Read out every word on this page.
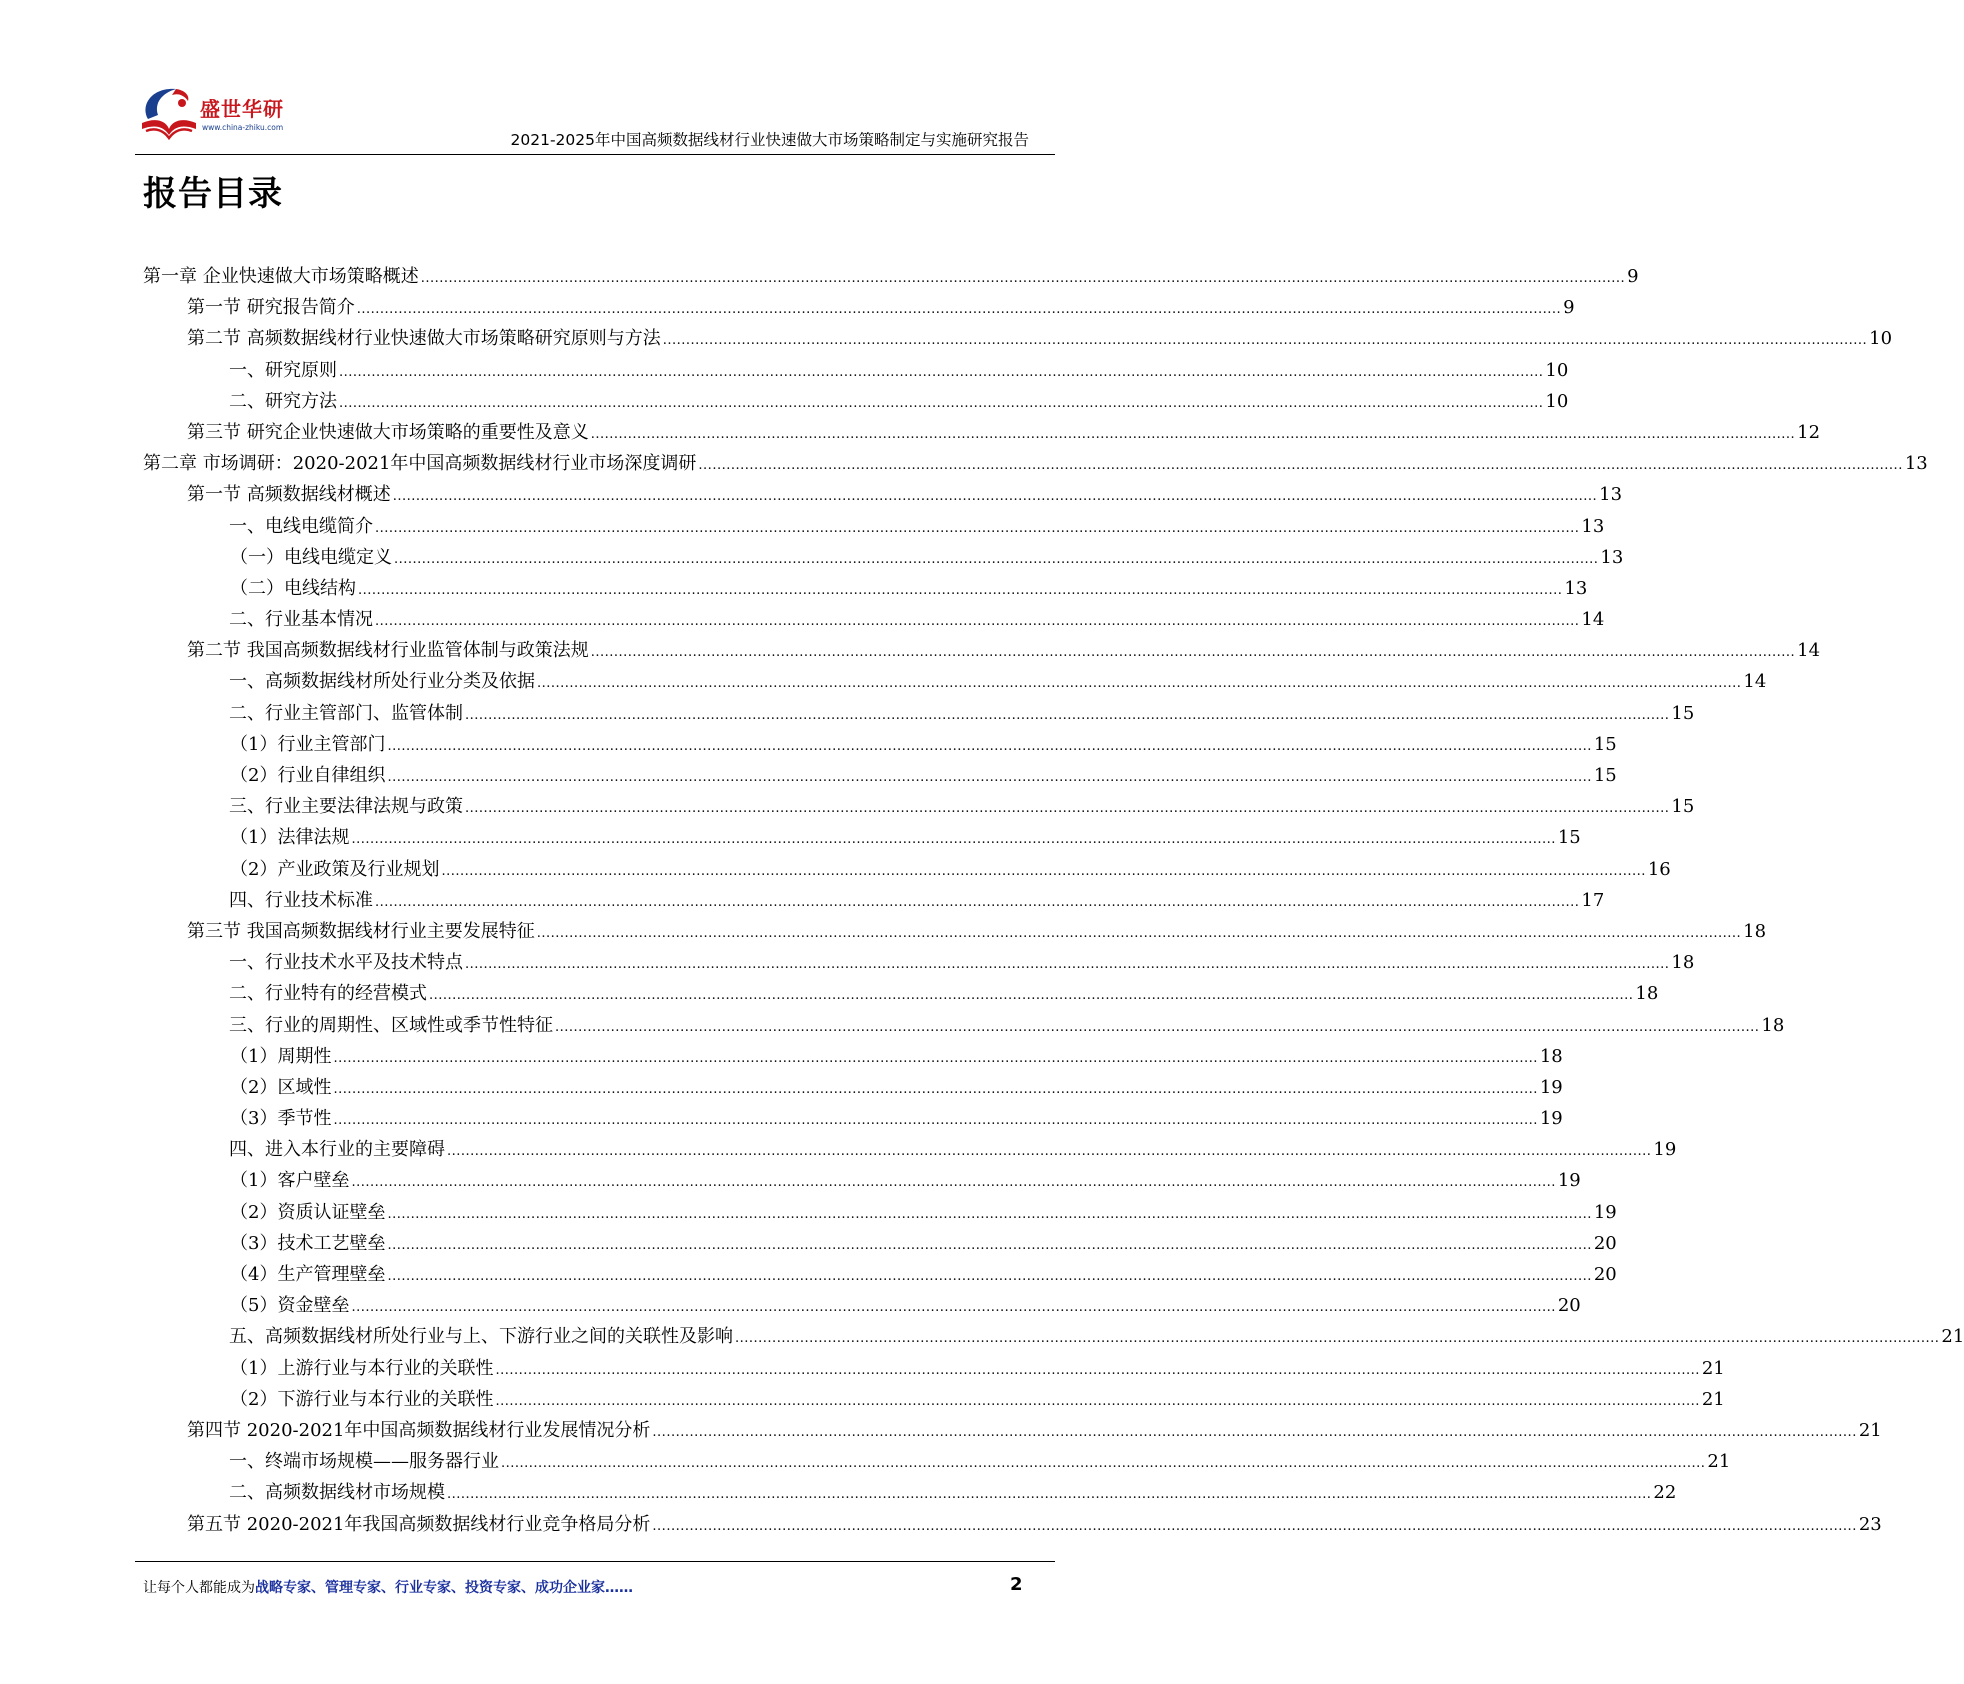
盛世华研
www.china-zhiku.com
2021-2025年中国高频数据线材行业快速做大市场策略制定与实施研究报告
报告目录
第一章 企业快速做大市场策略概述 .................................................................................................................................................................................................................................................................... 9
第一节 研究报告简介 .................................................................................................................................................................................................................................................................... 9
第二节 高频数据线材行业快速做大市场策略研究原则与方法 .................................................................................................................................................................................................................................................................... 10
一、研究原则 .................................................................................................................................................................................................................................................................... 10
二、研究方法 .................................................................................................................................................................................................................................................................... 10
第三节 研究企业快速做大市场策略的重要性及意义 .................................................................................................................................................................................................................................................................... 12
第二章 市场调研：2020-2021年中国高频数据线材行业市场深度调研 .................................................................................................................................................................................................................................................................... 13
第一节 高频数据线材概述 .................................................................................................................................................................................................................................................................... 13
一、电线电缆简介 .................................................................................................................................................................................................................................................................... 13
（一）电线电缆定义 .................................................................................................................................................................................................................................................................... 13
（二）电线结构 .................................................................................................................................................................................................................................................................... 13
二、行业基本情况 .................................................................................................................................................................................................................................................................... 14
第二节 我国高频数据线材行业监管体制与政策法规 .................................................................................................................................................................................................................................................................... 14
一、高频数据线材所处行业分类及依据 .................................................................................................................................................................................................................................................................... 14
二、行业主管部门、监管体制 .................................................................................................................................................................................................................................................................... 15
（1）行业主管部门 .................................................................................................................................................................................................................................................................... 15
（2）行业自律组织 .................................................................................................................................................................................................................................................................... 15
三、行业主要法律法规与政策 .................................................................................................................................................................................................................................................................... 15
（1）法律法规 .................................................................................................................................................................................................................................................................... 15
（2）产业政策及行业规划 .................................................................................................................................................................................................................................................................... 16
四、行业技术标准 .................................................................................................................................................................................................................................................................... 17
第三节 我国高频数据线材行业主要发展特征 .................................................................................................................................................................................................................................................................... 18
一、行业技术水平及技术特点 .................................................................................................................................................................................................................................................................... 18
二、行业特有的经营模式 .................................................................................................................................................................................................................................................................... 18
三、行业的周期性、区域性或季节性特征 .................................................................................................................................................................................................................................................................... 18
（1）周期性 .................................................................................................................................................................................................................................................................... 18
（2）区域性 .................................................................................................................................................................................................................................................................... 19
（3）季节性 .................................................................................................................................................................................................................................................................... 19
四、进入本行业的主要障碍 .................................................................................................................................................................................................................................................................... 19
（1）客户壁垒 .................................................................................................................................................................................................................................................................... 19
（2）资质认证壁垒 .................................................................................................................................................................................................................................................................... 19
（3）技术工艺壁垒 .................................................................................................................................................................................................................................................................... 20
（4）生产管理壁垒 .................................................................................................................................................................................................................................................................... 20
（5）资金壁垒 .................................................................................................................................................................................................................................................................... 20
五、高频数据线材所处行业与上、下游行业之间的关联性及影响 .................................................................................................................................................................................................................................................................... 21
（1）上游行业与本行业的关联性 .................................................................................................................................................................................................................................................................... 21
（2）下游行业与本行业的关联性 .................................................................................................................................................................................................................................................................... 21
第四节 2020-2021年中国高频数据线材行业发展情况分析 .................................................................................................................................................................................................................................................................... 21
一、终端市场规模——服务器行业 .................................................................................................................................................................................................................................................................... 21
二、高频数据线材市场规模 .................................................................................................................................................................................................................................................................... 22
第五节 2020-2021年我国高频数据线材行业竞争格局分析 .................................................................................................................................................................................................................................................................... 23
让每个人都能成为战略专家、管理专家、行业专家、投资专家、成功企业家……	2
